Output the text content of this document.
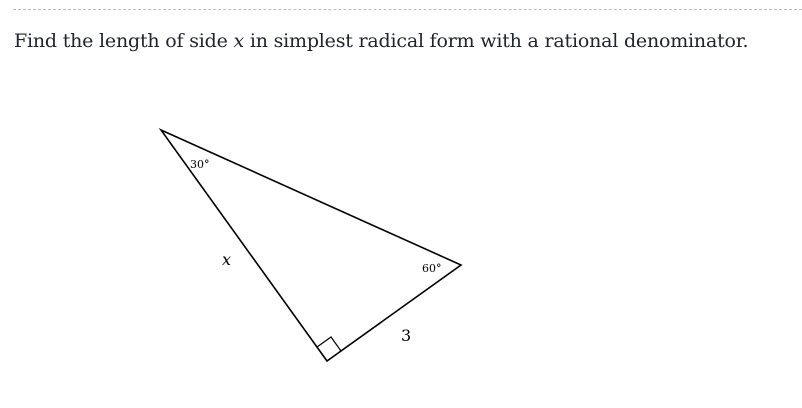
Find the length of side x in simplest radical form with a rational denominator.

30°
60°
x
3
